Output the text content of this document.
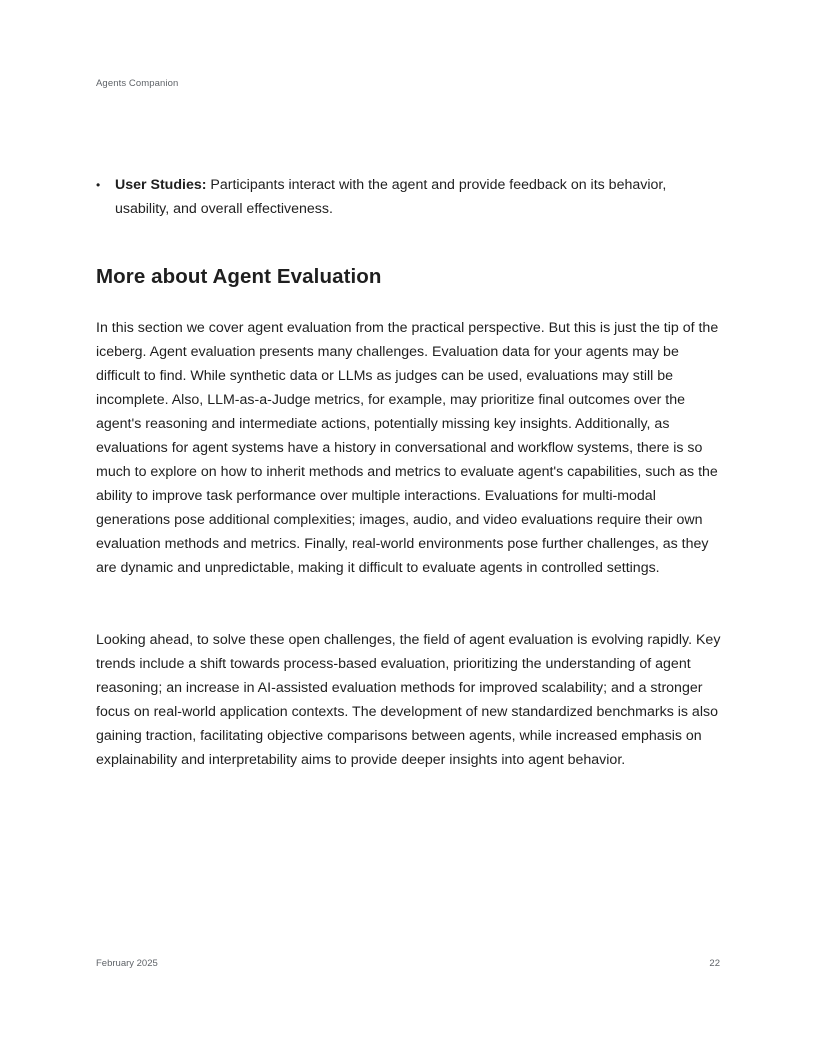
Agents Companion
• User Studies: Participants interact with the agent and provide feedback on its behavior, usability, and overall effectiveness.
More about Agent Evaluation

In this section we cover agent evaluation from the practical perspective. But this is just the tip of the iceberg. Agent evaluation presents many challenges. Evaluation data for your agents may be difficult to find. While synthetic data or LLMs as judges can be used, evaluations may still be incomplete. Also, LLM-as-a-Judge metrics, for example, may prioritize final outcomes over the agent's reasoning and intermediate actions, potentially missing key insights. Additionally, as evaluations for agent systems have a history in conversational and workflow systems, there is so much to explore on how to inherit methods and metrics to evaluate agent's capabilities, such as the ability to improve task performance over multiple interactions. Evaluations for multi-modal generations pose additional complexities; images, audio, and video evaluations require their own evaluation methods and metrics. Finally, real-world environments pose further challenges, as they are dynamic and unpredictable, making it difficult to evaluate agents in controlled settings.

Looking ahead, to solve these open challenges, the field of agent evaluation is evolving rapidly. Key trends include a shift towards process-based evaluation, prioritizing the understanding of agent reasoning; an increase in AI-assisted evaluation methods for improved scalability; and a stronger focus on real-world application contexts. The development of new standardized benchmarks is also gaining traction, facilitating objective comparisons between agents, while increased emphasis on explainability and interpretability aims to provide deeper insights into agent behavior.

February 2025	22
